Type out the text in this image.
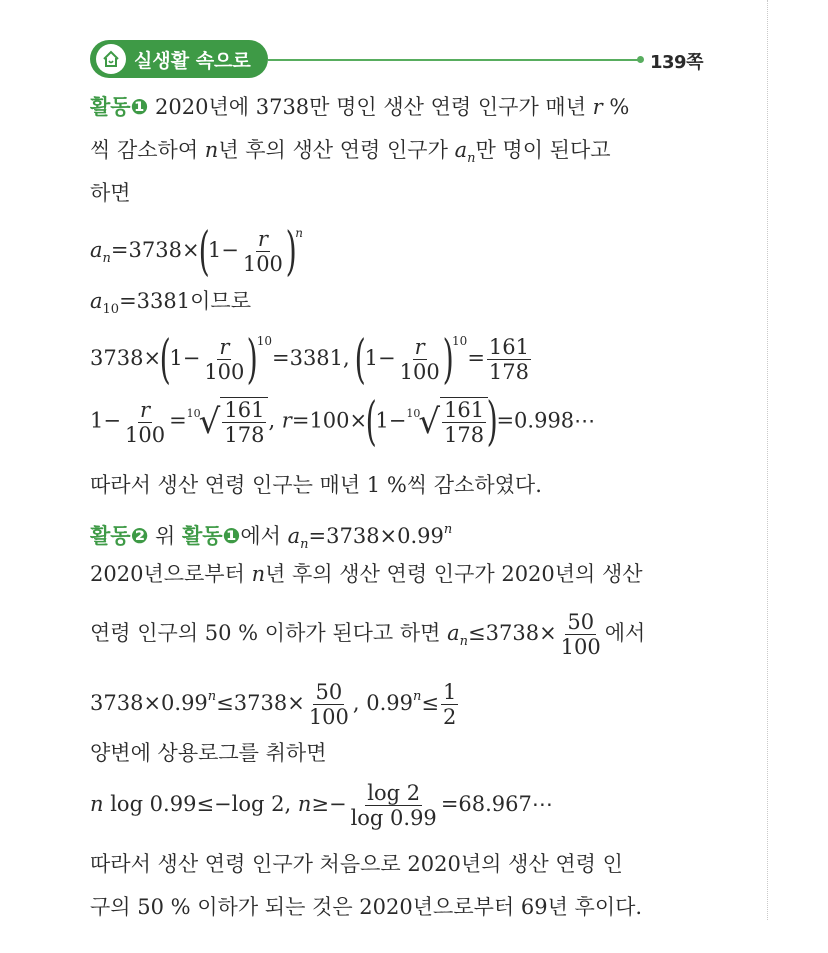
실생활
속으로	139쪽
활동❶ 2020년에 3738만 명인 생산 연령 인구가 매년 r %
씩 감소하여 n년 후의 생산 연령 인구가 $a_n$만 명이 된다고
하면
$a_n=3738\times(1- \frac{r}{100} )^n$
$a_{10}=3381$이므로
$3738\times(1- \frac{r}{100} )^{10}=3381$, $(1- \frac{r}{100} )^{10}= \frac{161}{178}$
$1- \frac{r}{100} = 10$
√ $\frac{161}{178}$ , r=100×(1− 10
√ $\frac{161}{178}$ )=0.998⋯
따라서 생산 연령 인구는 매년 1 %씩 감소하였다.
활동❷ 위 활동❶에서 $a_n=3738\times 0.99^n$
2020년으로부터 n년 후의 생산 연령 인구가 2020년의 생산
연령 인구의 50 % 이하가 된다고 하면 $a_n\le 3738\times \frac{50}{100}$ 에서
$3738\times 0.99^n\le 3738\times \frac{50}{100}$ , $0.99^n\le \frac{1}{2}$
양변에 상용로그를 취하면
n log 0.99≤−log 2, $n\ge- \frac{\log 2}{\log 0.99}$ =68.967⋯
따라서 생산 연령 인구가 처음으로 2020년의 생산 연령 인
구의 50 % 이하가 되는 것은 2020년으로부터 69년 후이다.
